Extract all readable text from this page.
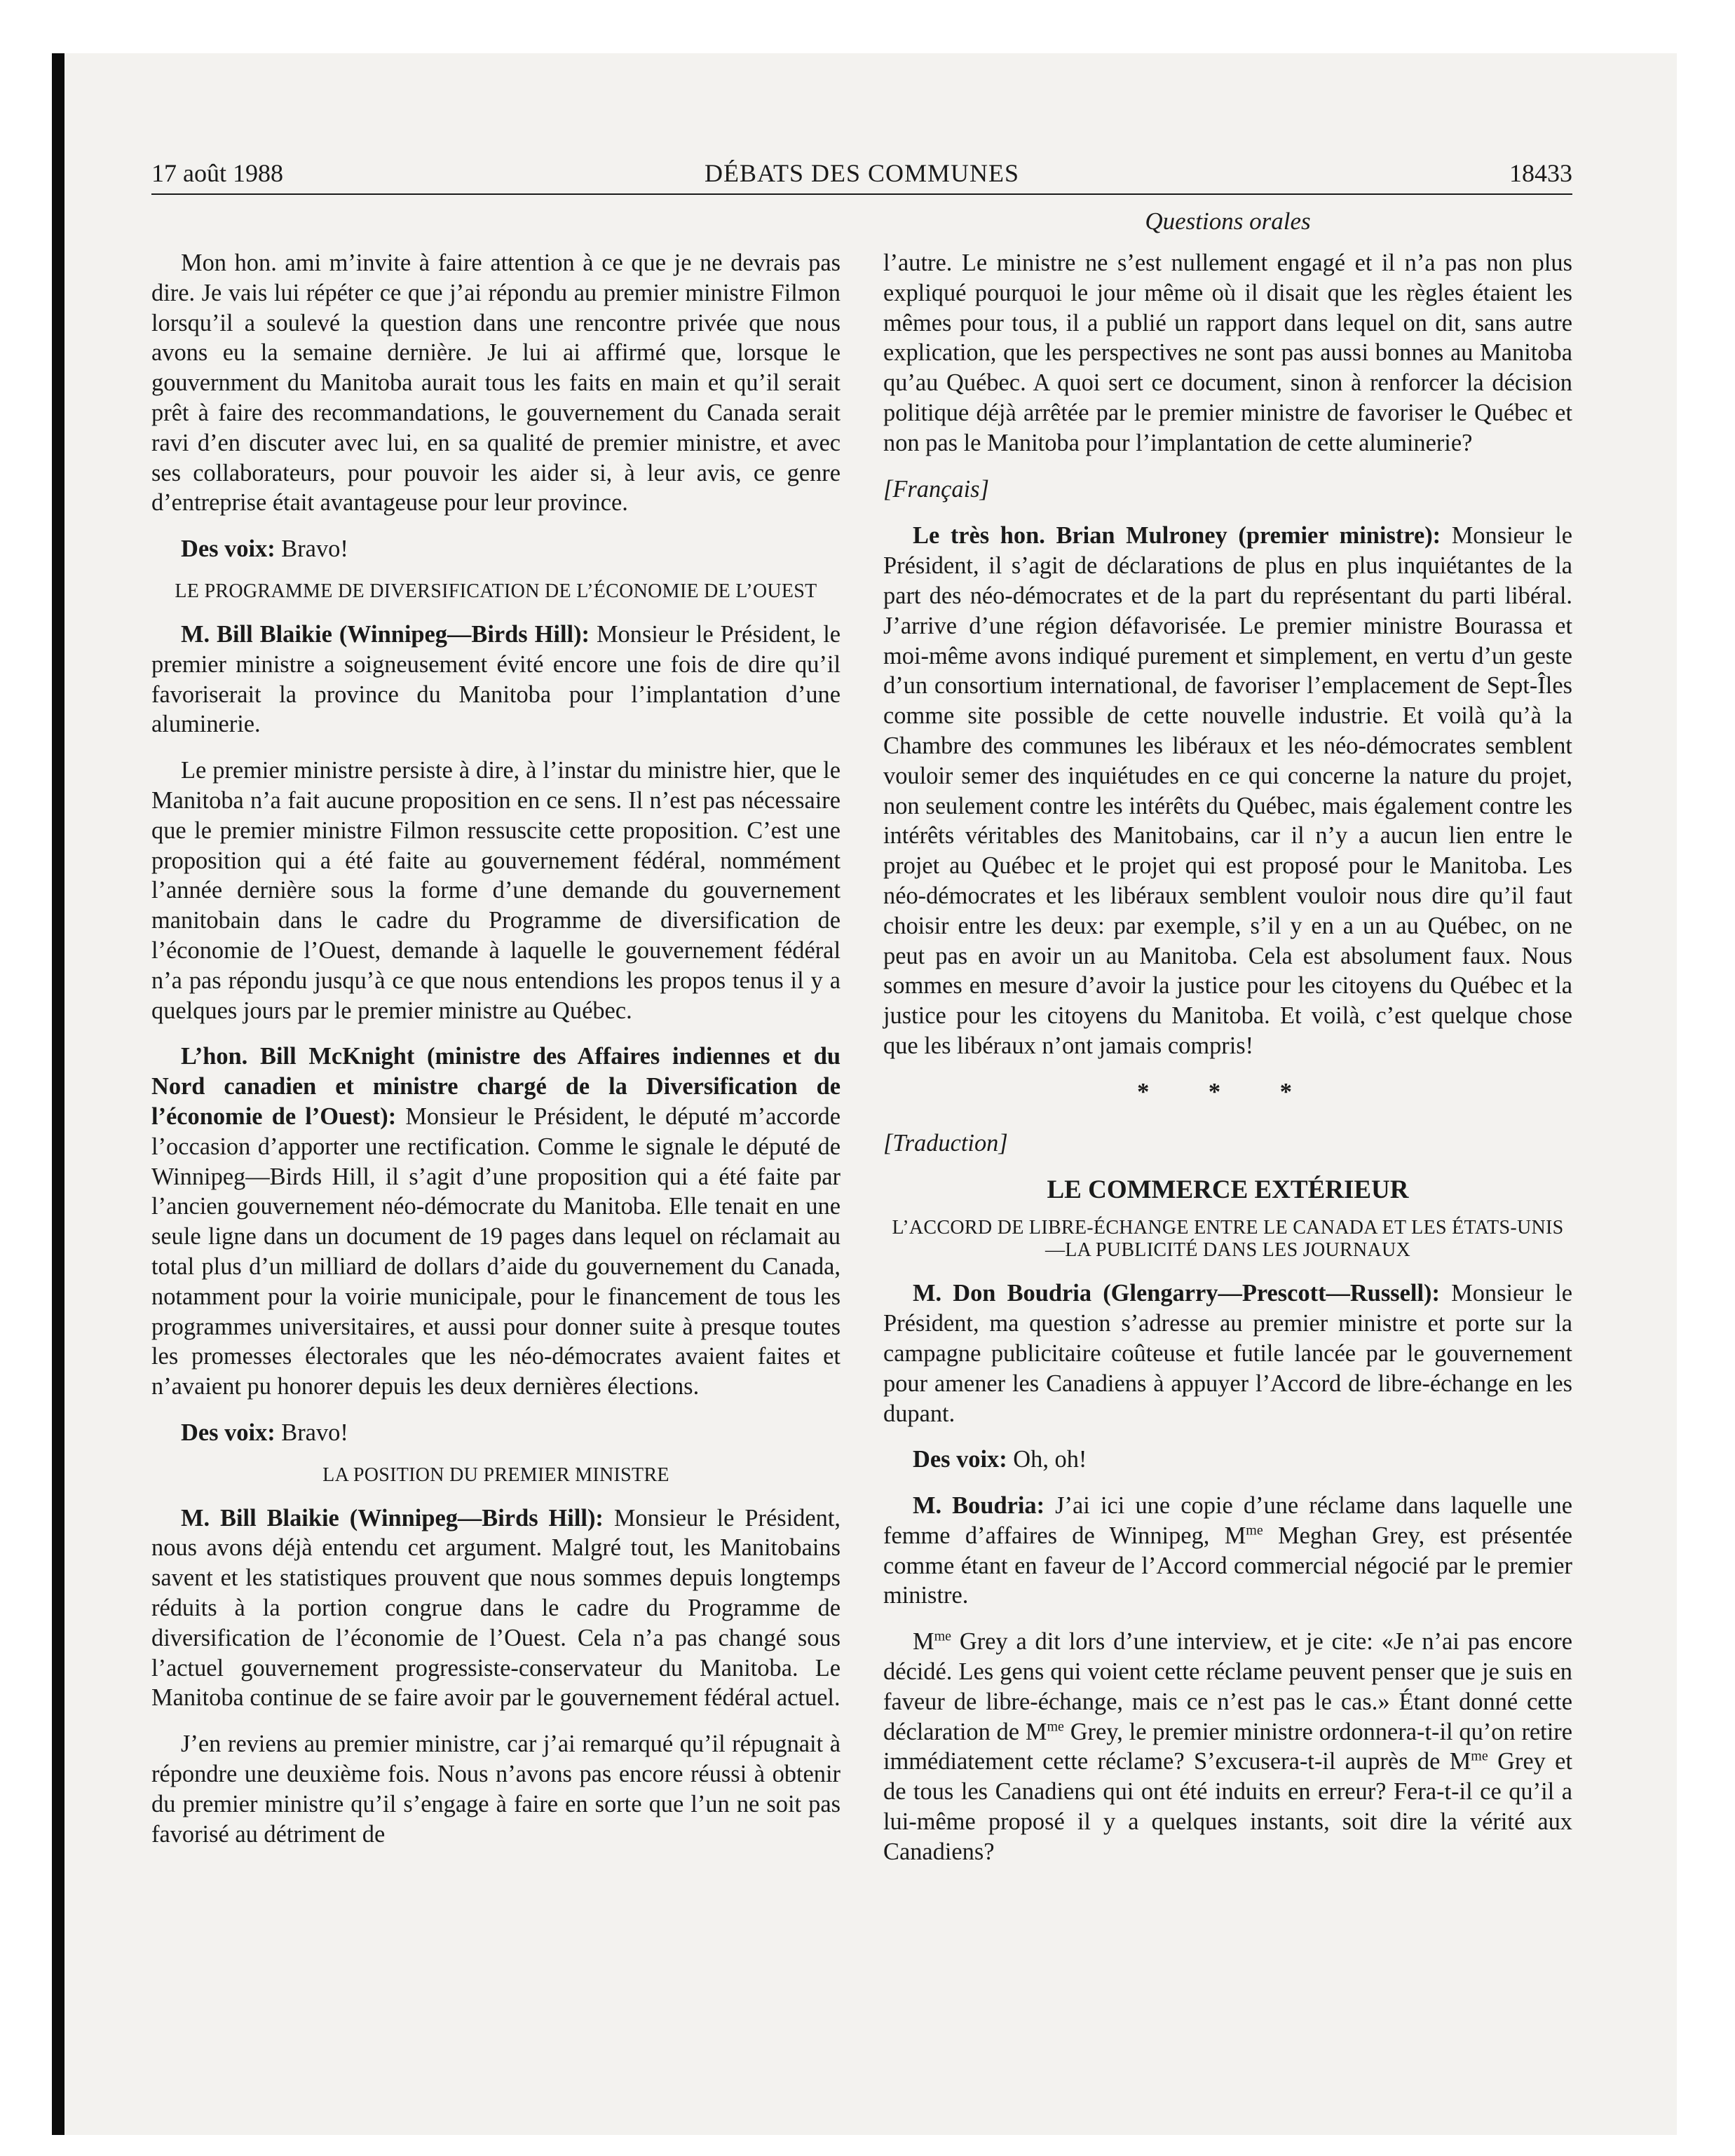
DÉBATS DES COMMUNES
17 août 1988	18433
Questions orales

Mon hon. ami m’invite à faire attention à ce que je ne devrais pas dire. Je vais lui répéter ce que j’ai répondu au premier ministre Filmon lorsqu’il a soulevé la question dans une rencontre privée que nous avons eu la semaine dernière. Je lui ai affirmé que, lorsque le gouvernment du Manitoba aurait tous les faits en main et qu’il serait prêt à faire des recommandations, le gouvernement du Canada serait ravi d’en discuter avec lui, en sa qualité de premier ministre, et avec ses collaborateurs, pour pouvoir les aider si, à leur avis, ce genre d’entreprise était avantageuse pour leur province.

Des voix: Bravo!

LE PROGRAMME DE DIVERSIFICATION DE L’ÉCONOMIE DE L’OUEST

M. Bill Blaikie (Winnipeg—Birds Hill): Monsieur le Président, le premier ministre a soigneusement évité encore une fois de dire qu’il favoriserait la province du Manitoba pour l’implantation d’une aluminerie.

Le premier ministre persiste à dire, à l’instar du ministre hier, que le Manitoba n’a fait aucune proposition en ce sens. Il n’est pas nécessaire que le premier ministre Filmon ressuscite cette proposition. C’est une proposition qui a été faite au gouvernement fédéral, nommément l’année dernière sous la forme d’une demande du gouvernement manitobain dans le cadre du Programme de diversification de l’économie de l’Ouest, demande à laquelle le gouvernement fédéral n’a pas répondu jusqu’à ce que nous entendions les propos tenus il y a quelques jours par le premier ministre au Québec.

L’hon. Bill McKnight (ministre des Affaires indiennes et du Nord canadien et ministre chargé de la Diversification de l’économie de l’Ouest): Monsieur le Président, le député m’accorde l’occasion d’apporter une rectification. Comme le signale le député de Winnipeg—Birds Hill, il s’agit d’une proposition qui a été faite par l’ancien gouvernement néo-démocrate du Manitoba. Elle tenait en une seule ligne dans un document de 19 pages dans lequel on réclamait au total plus d’un milliard de dollars d’aide du gouvernement du Canada, notamment pour la voirie municipale, pour le financement de tous les programmes universitaires, et aussi pour donner suite à presque toutes les promesses électorales que les néo-démocrates avaient faites et n’avaient pu honorer depuis les deux dernières élections.

Des voix: Bravo!

LA POSITION DU PREMIER MINISTRE

M. Bill Blaikie (Winnipeg—Birds Hill): Monsieur le Président, nous avons déjà entendu cet argument. Malgré tout, les Manitobains savent et les statistiques prouvent que nous sommes depuis longtemps réduits à la portion congrue dans le cadre du Programme de diversification de l’économie de l’Ouest. Cela n’a pas changé sous l’actuel gouvernement progressiste-conservateur du Manitoba. Le Manitoba continue de se faire avoir par le gouvernement fédéral actuel.

J’en reviens au premier ministre, car j’ai remarqué qu’il répugnait à répondre une deuxième fois. Nous n’avons pas encore réussi à obtenir du premier ministre qu’il s’engage à faire en sorte que l’un ne soit pas favorisé au détriment de

l’autre. Le ministre ne s’est nullement engagé et il n’a pas non plus expliqué pourquoi le jour même où il disait que les règles étaient les mêmes pour tous, il a publié un rapport dans lequel on dit, sans autre explication, que les perspectives ne sont pas aussi bonnes au Manitoba qu’au Québec. A quoi sert ce document, sinon à renforcer la décision politique déjà arrêtée par le premier ministre de favoriser le Québec et non pas le Manitoba pour l’implantation de cette aluminerie?

[Français]

Le très hon. Brian Mulroney (premier ministre): Monsieur le Président, il s’agit de déclarations de plus en plus inquiétantes de la part des néo-démocrates et de la part du représentant du parti libéral. J’arrive d’une région défavorisée. Le premier ministre Bourassa et moi-même avons indiqué purement et simplement, en vertu d’un geste d’un consortium international, de favoriser l’emplacement de Sept-Îles comme site possible de cette nouvelle industrie. Et voilà qu’à la Chambre des communes les libéraux et les néo-démocrates semblent vouloir semer des inquiétudes en ce qui concerne la nature du projet, non seulement contre les intérêts du Québec, mais également contre les intérêts véritables des Manitobains, car il n’y a aucun lien entre le projet au Québec et le projet qui est proposé pour le Manitoba. Les néo-démocrates et les libéraux semblent vouloir nous dire qu’il faut choisir entre les deux: par exemple, s’il y en a un au Québec, on ne peut pas en avoir un au Manitoba. Cela est absolument faux. Nous sommes en mesure d’avoir la justice pour les citoyens du Québec et la justice pour les citoyens du Manitoba. Et voilà, c’est quelque chose que les libéraux n’ont jamais compris!

* * *

[Traduction]

LE COMMERCE EXTÉRIEUR

L’ACCORD DE LIBRE-ÉCHANGE ENTRE LE CANADA ET LES ÉTATS-UNIS—LA PUBLICITÉ DANS LES JOURNAUX

M. Don Boudria (Glengarry—Prescott—Russell): Monsieur le Président, ma question s’adresse au premier ministre et porte sur la campagne publicitaire coûteuse et futile lancée par le gouvernement pour amener les Canadiens à appuyer l’Accord de libre-échange en les dupant.

Des voix: Oh, oh!

M. Boudria: J’ai ici une copie d’une réclame dans laquelle une femme d’affaires de Winnipeg, $M^{me}$ Meghan Grey, est présentée comme étant en faveur de l’Accord commercial négocié par le premier ministre.

$M^{me}$ Grey a dit lors d’une interview, et je cite: «Je n’ai pas encore décidé. Les gens qui voient cette réclame peuvent penser que je suis en faveur de libre-échange, mais ce n’est pas le cas.» Étant donné cette déclaration de $M^{me}$ Grey, le premier ministre ordonnera-t-il qu’on retire immédiatement cette réclame? S’excusera-t-il auprès de $M^{me}$ Grey et de tous les Canadiens qui ont été induits en erreur? Fera-t-il ce qu’il a lui-même proposé il y a quelques instants, soit dire la vérité aux Canadiens?
